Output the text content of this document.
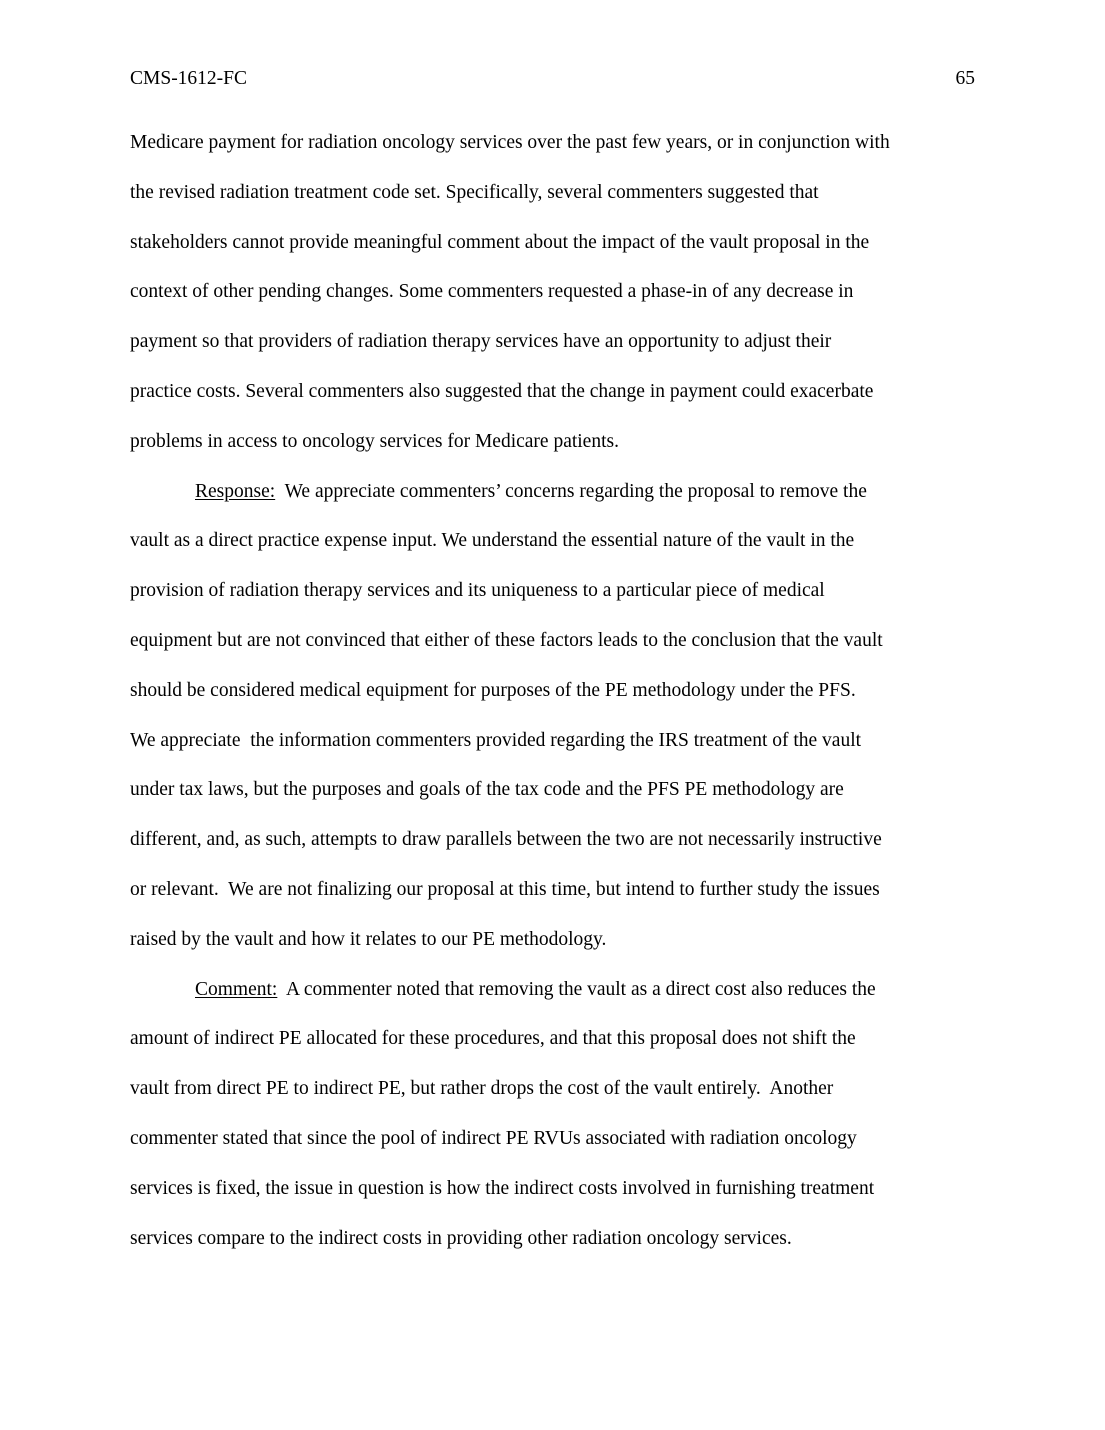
CMS-1612-FC	65
Medicare payment for radiation oncology services over the past few years, or in conjunction with
the revised radiation treatment code set. Specifically, several commenters suggested that
stakeholders cannot provide meaningful comment about the impact of the vault proposal in the
context of other pending changes. Some commenters requested a phase-in of any decrease in
payment so that providers of radiation therapy services have an opportunity to adjust their
practice costs. Several commenters also suggested that the change in payment could exacerbate
problems in access to oncology services for Medicare patients.
Response:  We appreciate commenters’ concerns regarding the proposal to remove the
vault as a direct practice expense input. We understand the essential nature of the vault in the
provision of radiation therapy services and its uniqueness to a particular piece of medical
equipment but are not convinced that either of these factors leads to the conclusion that the vault
should be considered medical equipment for purposes of the PE methodology under the PFS.
We appreciate  the information commenters provided regarding the IRS treatment of the vault
under tax laws, but the purposes and goals of the tax code and the PFS PE methodology are
different, and, as such, attempts to draw parallels between the two are not necessarily instructive
or relevant.  We are not finalizing our proposal at this time, but intend to further study the issues
raised by the vault and how it relates to our PE methodology.
Comment:  A commenter noted that removing the vault as a direct cost also reduces the
amount of indirect PE allocated for these procedures, and that this proposal does not shift the
vault from direct PE to indirect PE, but rather drops the cost of the vault entirely.  Another
commenter stated that since the pool of indirect PE RVUs associated with radiation oncology
services is fixed, the issue in question is how the indirect costs involved in furnishing treatment
services compare to the indirect costs in providing other radiation oncology services.
